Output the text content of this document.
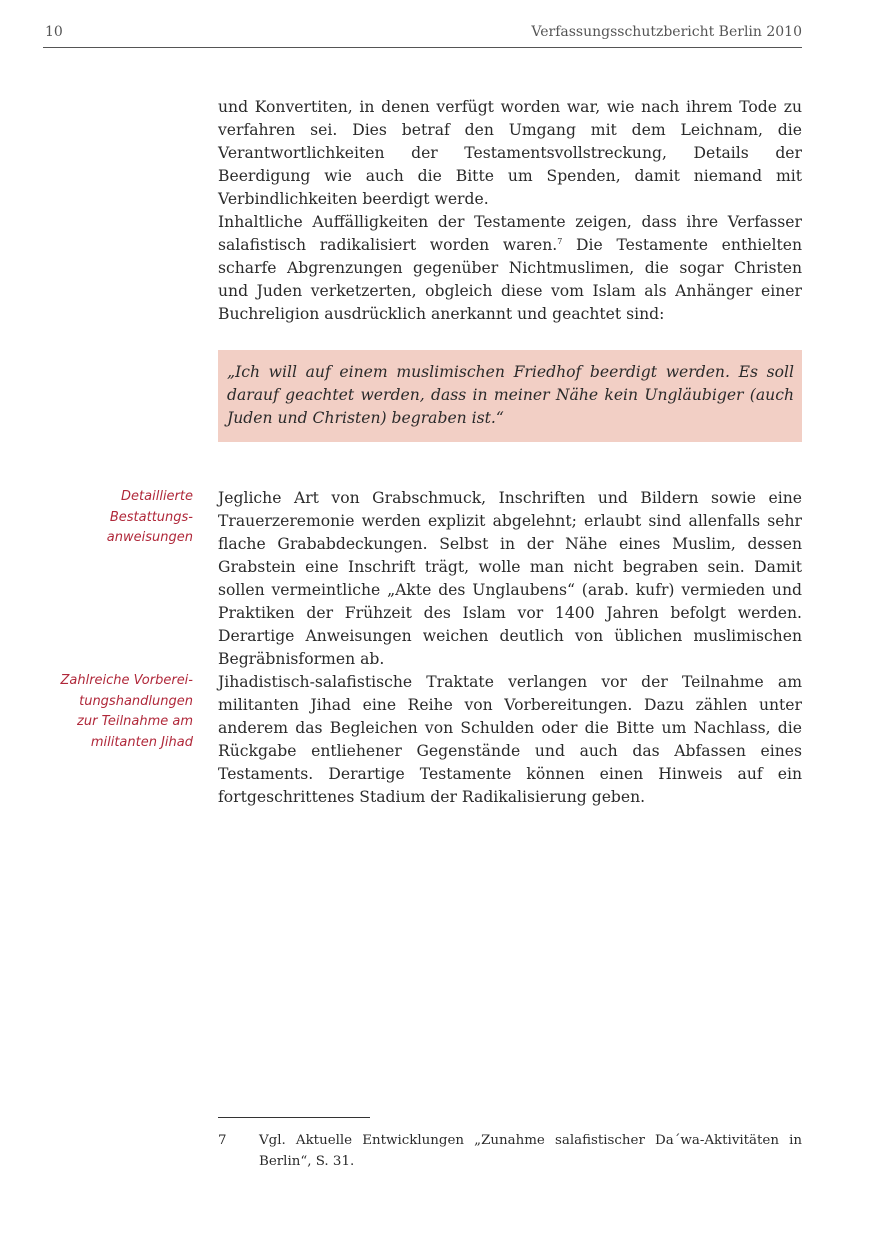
10	Verfassungsschutzbericht Berlin 2010

und Konvertiten, in denen verfügt worden war, wie nach ihrem Tode zu verfahren sei. Dies betraf den Umgang mit dem Leichnam, die Verantwortlichkeiten der Testamentsvollstreckung, Details der Beerdigung wie auch die Bitte um Spenden, damit niemand mit Verbindlichkeiten beerdigt werde.

Inhaltliche Auffälligkeiten der Testamente zeigen, dass ihre Verfasser salafistisch radikalisiert worden waren.$^7$ Die Testamente enthielten scharfe Abgrenzungen gegenüber Nichtmuslimen, die sogar Christen und Juden verketzerten, obgleich diese vom Islam als Anhänger einer Buchreligion ausdrücklich anerkannt und geachtet sind:

„Ich will auf einem muslimischen Friedhof beerdigt werden. Es soll darauf geachtet werden, dass in meiner Nähe kein Ungläubiger (auch Juden und Christen) begraben ist.“

Detaillierte
Bestattungs-
anweisungen

Jegliche Art von Grabschmuck, Inschriften und Bildern sowie eine Trauerzeremonie werden explizit abgelehnt; erlaubt sind allenfalls sehr flache Grababdeckungen. Selbst in der Nähe eines Muslim, dessen Grabstein eine Inschrift trägt, wolle man nicht begraben sein. Damit sollen vermeintliche „Akte des Unglaubens“ (arab. kufr) vermieden und Praktiken der Frühzeit des Islam vor 1400 Jahren befolgt werden. Derartige Anweisungen weichen deutlich von üblichen muslimischen Begräbnisformen ab.

Zahlreiche Vorberei-
tungshandlungen
zur Teilnahme am
militanten Jihad

Jihadistisch-salafistische Traktate verlangen vor der Teilnahme am militanten Jihad eine Reihe von Vorbereitungen. Dazu zählen unter anderem das Begleichen von Schulden oder die Bitte um Nachlass, die Rückgabe entliehener Gegenstände und auch das Abfassen eines Testaments. Derartige Testamente können einen Hinweis auf ein fortgeschrittenes Stadium der Radikalisierung geben.

7 Vgl. Aktuelle Entwicklungen „Zunahme salafistischer Da´wa-Aktivitäten in Berlin“, S. 31.
